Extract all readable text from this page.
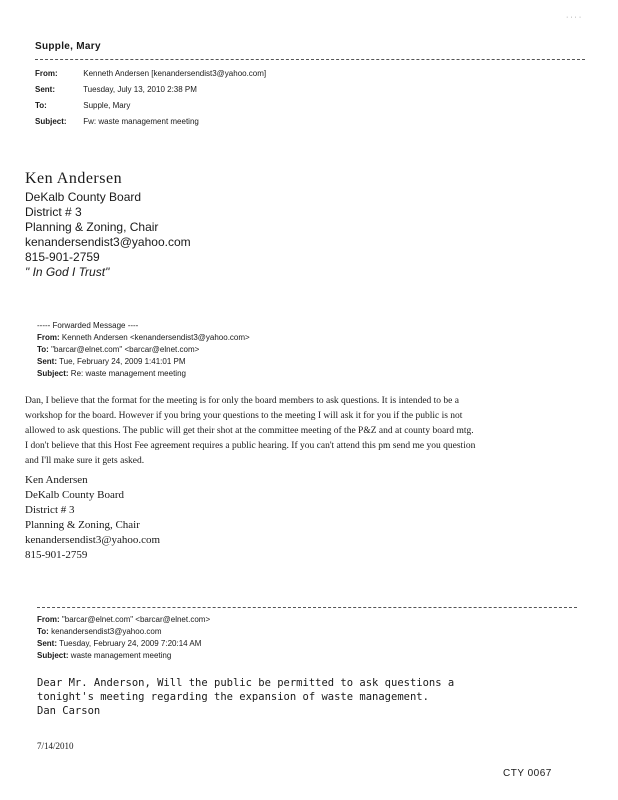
· · · ·
Supple, Mary
From:	Kenneth Andersen [kenandersendist3@yahoo.com]
Sent:	Tuesday, July 13, 2010 2:38 PM
To:	Supple, Mary
Subject: Fw: waste management meeting
Ken Andersen
DeKalb County Board
District # 3
Planning & Zoning, Chair
kenandersendist3@yahoo.com
815-901-2759
" In God I Trust"
----- Forwarded Message ----
From: Kenneth Andersen <kenandersendist3@yahoo.com>
To: "barcar@elnet.com" <barcar@elnet.com>
Sent: Tue, February 24, 2009 1:41:01 PM
Subject: Re: waste management meeting
Dan, I believe that the format for the meeting is for only the board members to ask questions. It is intended to be a
workshop for the board. However if you bring your questions to the meeting I will ask it for you if the public is not
allowed to ask questions. The public will get their shot at the committee meeting of the P&Z and at county board mtg.
I don't believe that this Host Fee agreement requires a public hearing. If you can't attend this pm send me you question
and I'll make sure it gets asked.
Ken Andersen
DeKalb County Board
District # 3
Planning & Zoning, Chair
kenandersendist3@yahoo.com
815-901-2759
From: "barcar@elnet.com" <barcar@elnet.com>
To: kenandersendist3@yahoo.com
Sent: Tuesday, February 24, 2009 7:20:14 AM
Subject: waste management meeting
Dear Mr. Anderson, Will the public be permitted to ask questions a
tonight's meeting regarding the expansion of waste management.
Dan Carson
7/14/2010
CTY 0067
